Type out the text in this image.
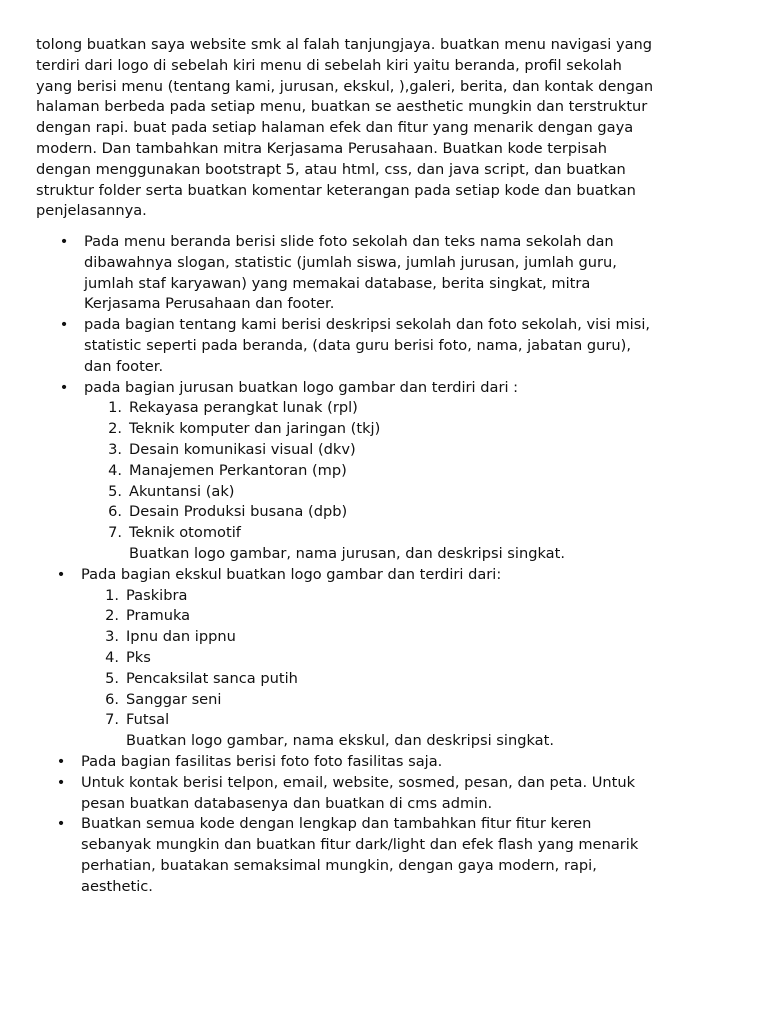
tolong buatkan saya website smk al falah tanjungjaya. buatkan menu navigasi yang
terdiri dari logo di sebelah kiri menu di sebelah kiri yaitu beranda, profil sekolah
yang berisi menu (tentang kami, jurusan, ekskul, ),galeri, berita, dan kontak dengan
halaman berbeda pada setiap menu, buatkan se aesthetic mungkin dan terstruktur
dengan rapi. buat pada setiap halaman efek dan fitur yang menarik dengan gaya
modern. Dan tambahkan mitra Kerjasama Perusahaan. Buatkan kode terpisah
dengan menggunakan bootstrapt 5, atau html, css, dan java script, dan buatkan
struktur folder serta buatkan komentar keterangan pada setiap kode dan buatkan
penjelasannya.

• Pada menu beranda berisi slide foto sekolah dan teks nama sekolah dan
dibawahnya slogan, statistic (jumlah siswa, jumlah jurusan, jumlah guru,
jumlah staf karyawan) yang memakai database, berita singkat, mitra
Kerjasama Perusahaan dan footer.
• pada bagian tentang kami berisi deskripsi sekolah dan foto sekolah, visi misi,
statistic seperti pada beranda, (data guru berisi foto, nama, jabatan guru),
dan footer.
• pada bagian jurusan buatkan logo gambar dan terdiri dari :
1. Rekayasa perangkat lunak (rpl)
2. Teknik komputer dan jaringan (tkj)
3. Desain komunikasi visual (dkv)
4. Manajemen Perkantoran (mp)
5. Akuntansi (ak)
6. Desain Produksi busana (dpb)
7. Teknik otomotif
Buatkan logo gambar, nama jurusan, dan deskripsi singkat.
• Pada bagian ekskul buatkan logo gambar dan terdiri dari:
1. Paskibra
2. Pramuka
3. Ipnu dan ippnu
4. Pks
5. Pencaksilat sanca putih
6. Sanggar seni
7. Futsal
Buatkan logo gambar, nama ekskul, dan deskripsi singkat.
• Pada bagian fasilitas berisi foto foto fasilitas saja.
• Untuk kontak berisi telpon, email, website, sosmed, pesan, dan peta. Untuk
pesan buatkan databasenya dan buatkan di cms admin.
• Buatkan semua kode dengan lengkap dan tambahkan fitur fitur keren
sebanyak mungkin dan buatkan fitur dark/light dan efek flash yang menarik
perhatian, buatakan semaksimal mungkin, dengan gaya modern, rapi,
aesthetic.
